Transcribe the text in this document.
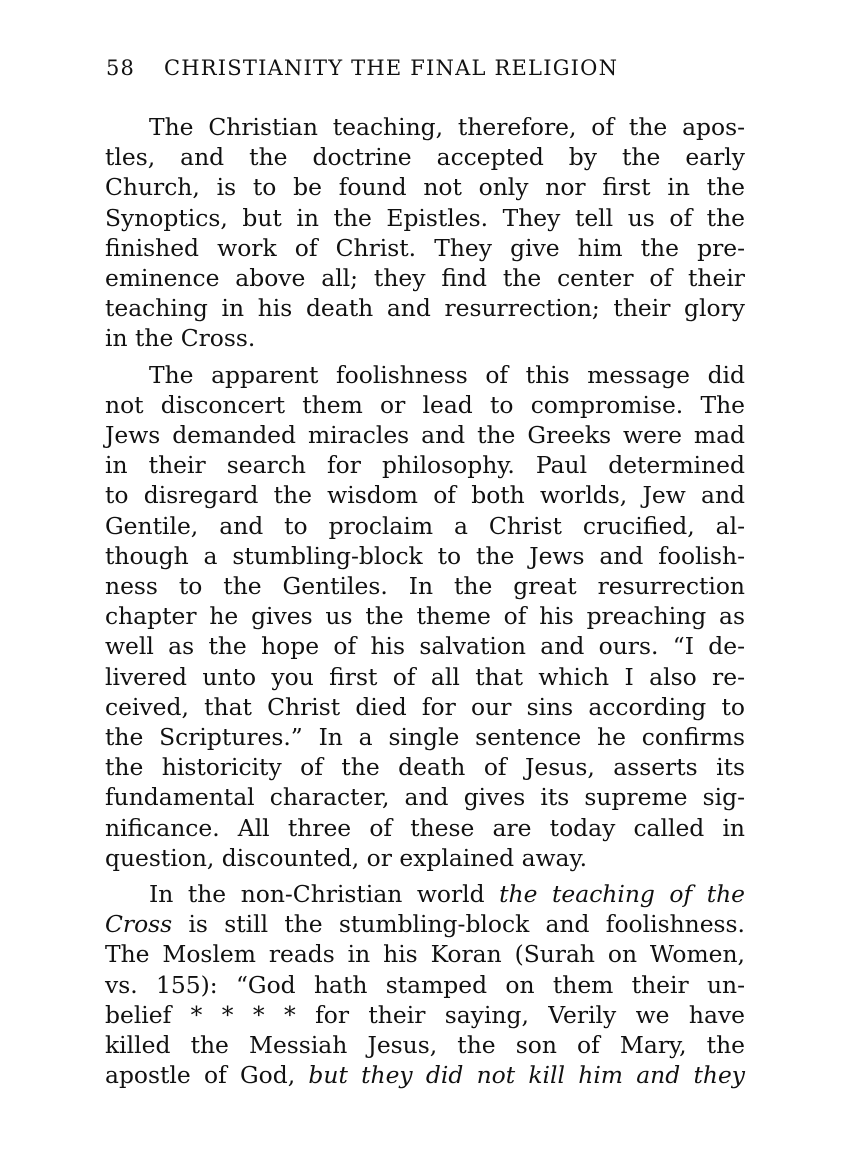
58 CHRISTIANITY THE FINAL RELIGION

The Christian teaching, therefore, of the apos-
tles, and the doctrine accepted by the early
Church, is to be found not only nor first in the
Synoptics, but in the Epistles. They tell us of the
finished work of Christ. They give him the pre-
eminence above all; they find the center of their
teaching in his death and resurrection; their glory
in the Cross.

The apparent foolishness of this message did
not disconcert them or lead to compromise. The
Jews demanded miracles and the Greeks were mad
in their search for philosophy. Paul determined
to disregard the wisdom of both worlds, Jew and
Gentile, and to proclaim a Christ crucified, al-
though a stumbling-block to the Jews and foolish-
ness to the Gentiles. In the great resurrection
chapter he gives us the theme of his preaching as
well as the hope of his salvation and ours. “I de-
livered unto you first of all that which I also re-
ceived, that Christ died for our sins according to
the Scriptures.” In a single sentence he confirms
the historicity of the death of Jesus, asserts its
fundamental character, and gives its supreme sig-
nificance. All three of these are today called in
question, discounted, or explained away.

In the non-Christian world the teaching of the
Cross is still the stumbling-block and foolishness.
The Moslem reads in his Koran (Surah on Women,
vs. 155): “God hath stamped on them their un-
belief * * * * for their saying, Verily we have
killed the Messiah Jesus, the son of Mary, the
apostle of God, but they did not kill him and they
